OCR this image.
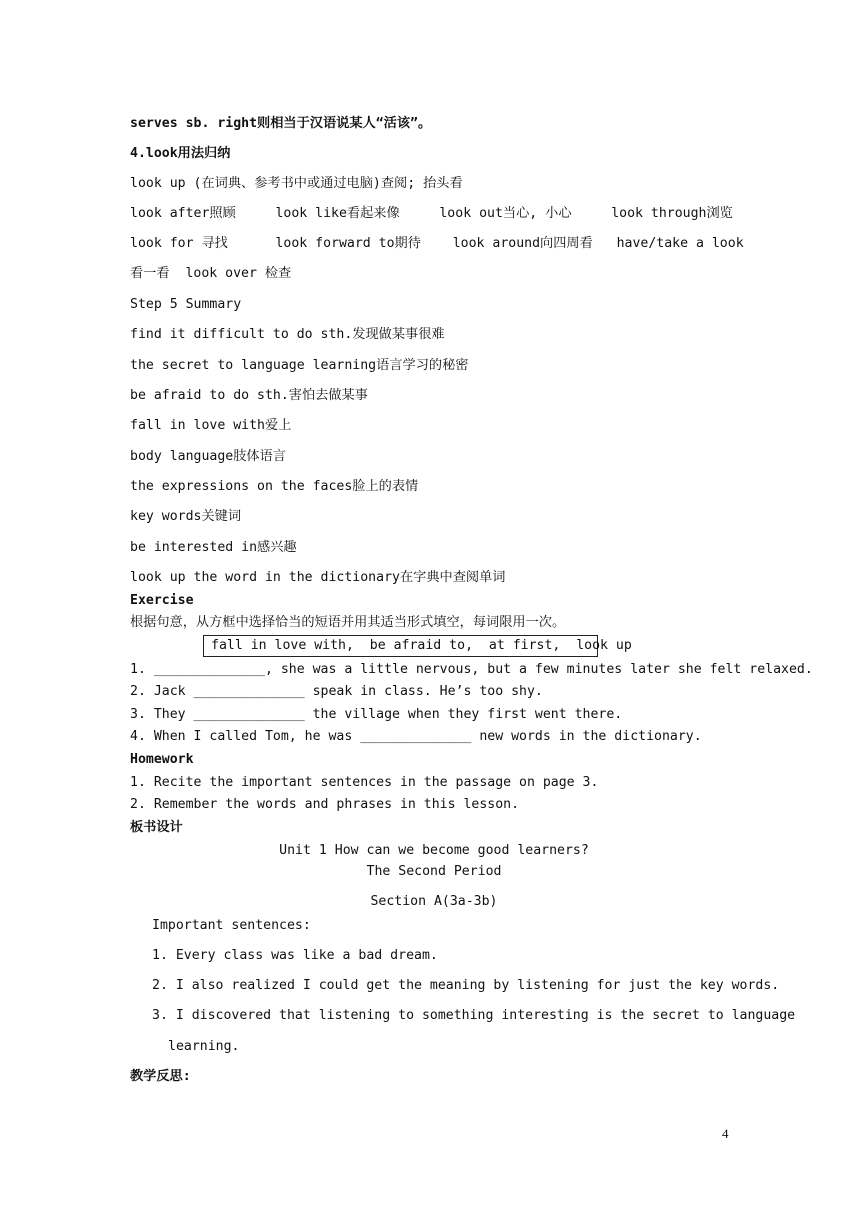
serves sb. right则相当于汉语说某人“活该”。
4.look用法归纳
look up (在词典、参考书中或通过电脑)查阅; 抬头看
look after照顾     look like看起来像     look out当心, 小心     look through浏览
look for 寻找      look forward to期待    look around向四周看   have/take a look
看一看  look over 检查
Step 5 Summary
find it difficult to do sth.发现做某事很难
the secret to language learning语言学习的秘密
be afraid to do sth.害怕去做某事
fall in love with爱上
body language肢体语言
the expressions on the faces脸上的表情
key words关键词
be interested in感兴趣
look up the word in the dictionary在字典中查阅单词
Exercise
根据句意，从方框中选择恰当的短语并用其适当形式填空，每词限用一次。
fall in love with,  be afraid to,  at first,  look up
1. ______________, she was a little nervous, but a few minutes later she felt relaxed.
2. Jack ______________ speak in class. He’s too shy.
3. They ______________ the village when they first went there.
4. When I called Tom, he was ______________ new words in the dictionary.
Homework
1. Recite the important sentences in the passage on page 3.
2. Remember the words and phrases in this lesson.
板书设计
Unit 1 How can we become good learners?
The Second Period
Section A(3a-3b)
Important sentences:
1. Every class was like a bad dream.
2. I also realized I could get the meaning by listening for just the key words.
3. I discovered that listening to something interesting is the secret to language
learning.
教学反思:
4
